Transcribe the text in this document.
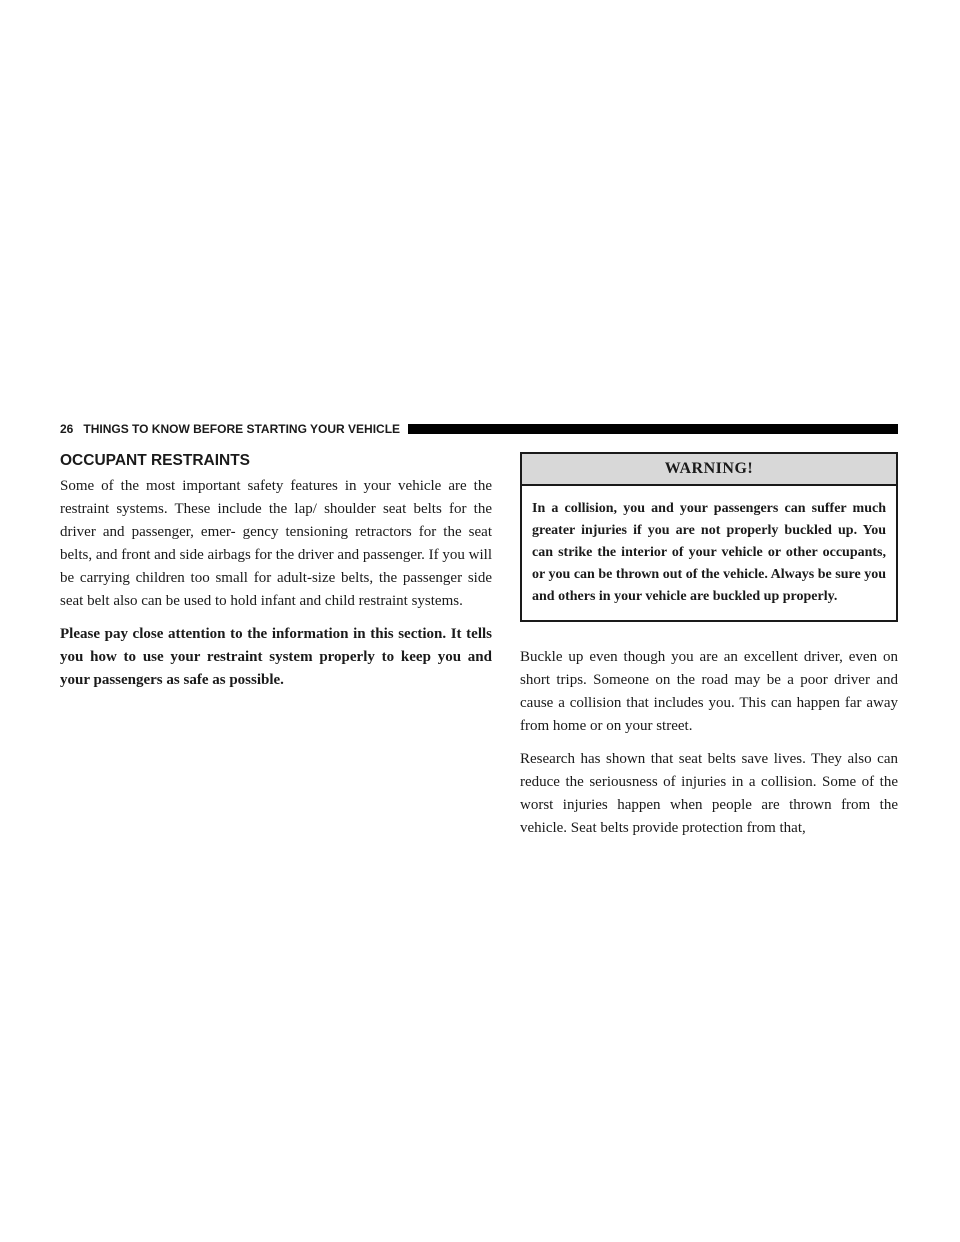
26 THINGS TO KNOW BEFORE STARTING YOUR VEHICLE
OCCUPANT RESTRAINTS

Some of the most important safety features in your vehicle are the restraint systems. These include the lap/ shoulder seat belts for the driver and passenger, emer- gency tensioning retractors for the seat belts, and front and side airbags for the driver and passenger. If you will be carrying children too small for adult-size belts, the passenger side seat belt also can be used to hold infant and child restraint systems.

Please pay close attention to the information in this section. It tells you how to use your restraint system properly to keep you and your passengers as safe as possible.

WARNING!
In a collision, you and your passengers can suffer much greater injuries if you are not properly buckled up. You can strike the interior of your vehicle or other occupants, or you can be thrown out of the vehicle. Always be sure you and others in your vehicle are buckled up properly.

Buckle up even though you are an excellent driver, even on short trips. Someone on the road may be a poor driver and cause a collision that includes you. This can happen far away from home or on your street.

Research has shown that seat belts save lives. They also can reduce the seriousness of injuries in a collision. Some of the worst injuries happen when people are thrown from the vehicle. Seat belts provide protection from that,
